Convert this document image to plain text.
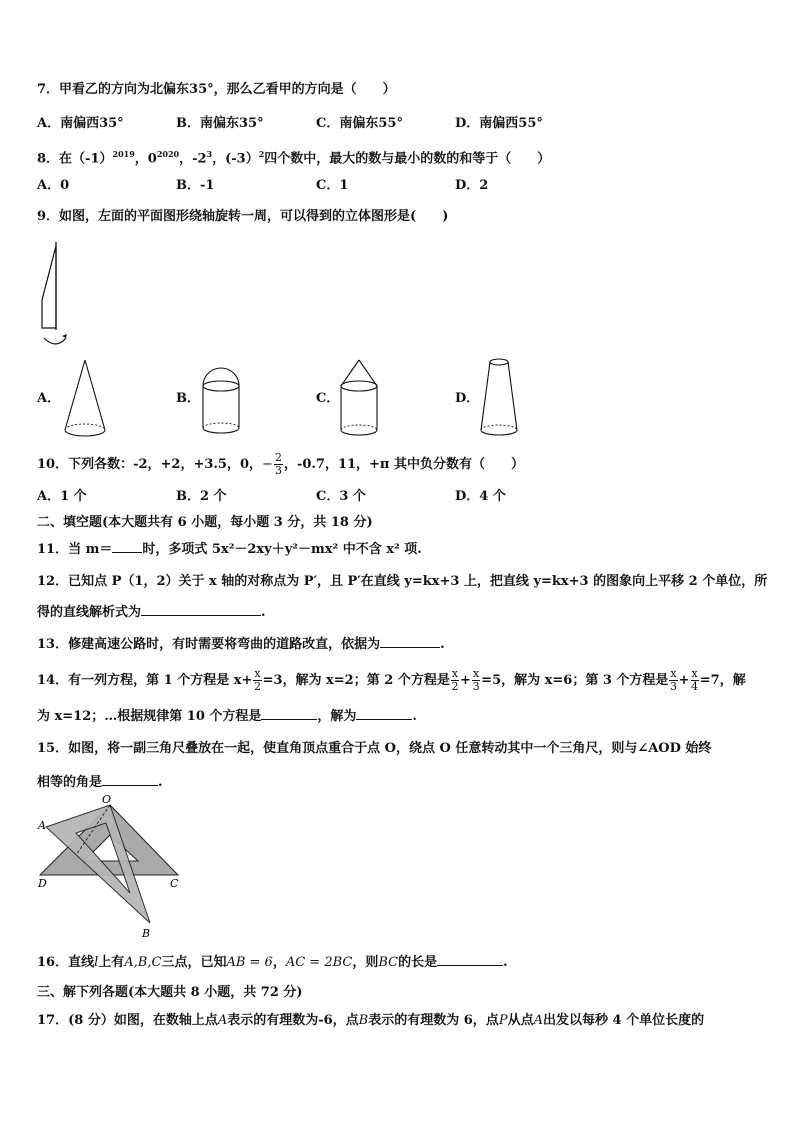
7．甲看乙的方向为北偏东35°，那么乙看甲的方向是（　　）
A．南偏西35°	B．南偏东35°	C．南偏东55°	D．南偏西55°
8．在$(-1)^{2019}$，$0^{2020}$，$-2^3$，(-3）$^2$四个数中，最大的数与最小的数的和等于（　　）
A．0	B．-1	C．1	D．2
9．如图，左面的平面图形绕轴旋转一周，可以得到的立体图形是(　　)
A．	B．	C．	D．
10．下列各数：-2，+2，+3.5，0，− $\frac{2}{3}$ ，-0.7，11，+π 其中负分数有（　　）
A．1 个	B．2 个	C．3 个	D．4 个
二、填空题(本大题共有 6 小题，每小题 3 分，共 18 分)
11．当 m＝ 时，多项式 5x²－2xy＋y²－mx² 中不含 x² 项.
12．已知点 P（1，2）关于 x 轴的对称点为 P′，且 P′在直线 y=kx+3 上，把直线 y=kx+3 的图象向上平移 2 个单位，所
得的直线解析式为	.
13．修建高速公路时，有时需要将弯曲的道路改直，依据为	.
14．有一列方程，第 1 个方程是 $x+ \frac{x}{2} =3$，解为 x=2；第 2 个方程是 $\frac{x}{2} + \frac{x}{3} =5$，解为 x=6；第 3 个方程是 $\frac{x}{3} + \frac{x}{4} =7$，解
为 x=12；…根据规律第 10 个方程是	，解为	.
15．如图，将一副三角尺叠放在一起，使直角顶点重合于点 O，绕点 O 任意转动其中一个三角尺，则与∠AOD 始终
相等的角是	.
O
A
D	C
B
16．直线l上有A,B,C三点，已知AB = 6，AC = 2BC，则BC的长是	.
三、解下列各题(本大题共 8 小题，共 72 分)
17．(8 分）如图，在数轴上点A表示的有理数为-6，点B表示的有理数为 6，点P从点A出发以每秒 4 个单位长度的
